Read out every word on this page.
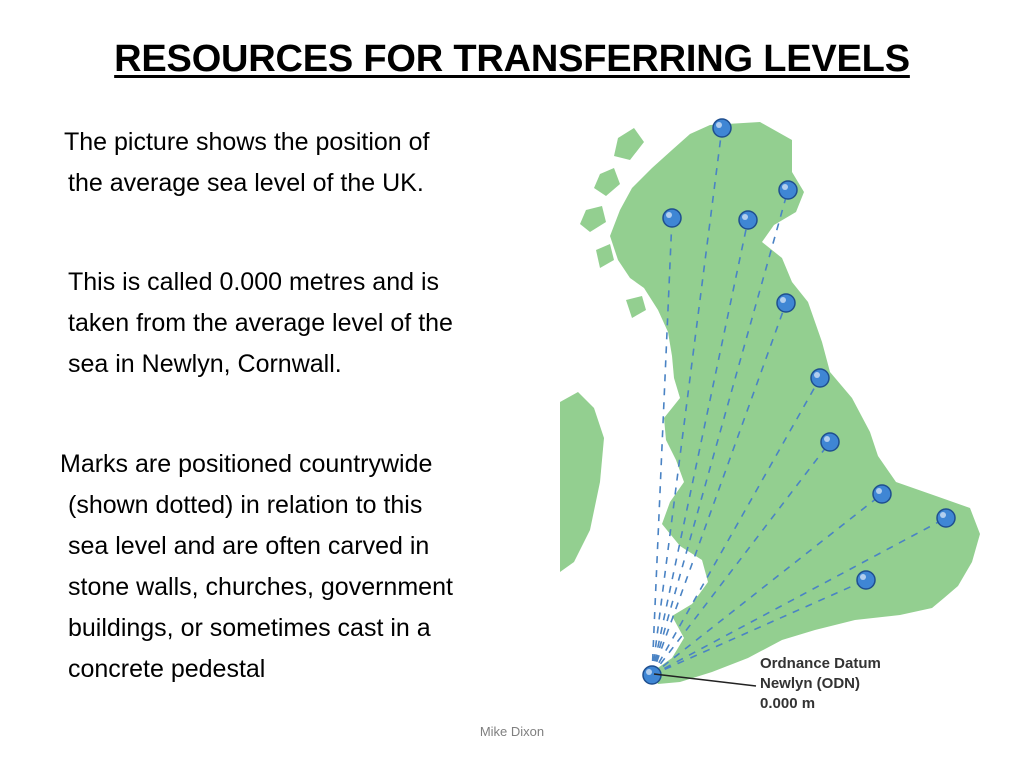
RESOURCES FOR TRANSFERRING LEVELS

The picture shows the position of
the average sea level of the UK.

This is called 0.000 metres and is
taken from the average level of the
sea in Newlyn, Cornwall.

Marks are positioned countrywide
(shown dotted) in relation to this
sea level and are often carved in
stone walls, churches, government
buildings, or sometimes cast in a
concrete pedestal	Ordnance Datum
Newlyn (ODN)
0.000 m
Mike Dixon
